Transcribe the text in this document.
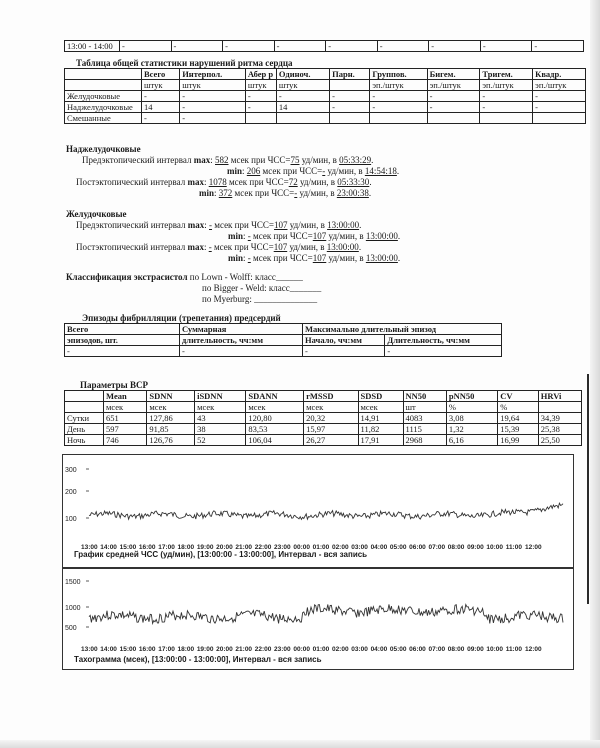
13:00 - 14:00	-	-	-	-	-	-	-	-	-
Таблица общей статистики нарушений ритма сердца
	Всего	Интерпол.	Абер р	Одиноч.	Парн.	Группов.	Бигем.	Тригем.	Квадр.
	штук	штук	штук	штук		эп./штук	эп./штук	эп./штук	эп./штук
Желудочковые	-	-	-	-	-	-	-	-	-
Наджелудочковые	14	-	-	14	-	-	-	-	-
Смешанные	-	-							
Наджелудочковые
Предэктопический интервал max: 582 мсек при ЧСС=75 уд/мин, в 05:33:29.
min: 206 мсек при ЧСС=- уд/мин, в 14:54:18.
Постэктопический интервал max: 1078 мсек при ЧСС=72 уд/мин, в 05:33:30.
min: 372 мсек при ЧСС=- уд/мин, в 23:00:38.
Желудочковые
Предэктопический интервал max: - мсек при ЧСС=107 уд/мин, в 13:00:00.
min: - мсек при ЧСС=107 уд/мин, в 13:00:00.
Постэктопический интервал max: - мсек при ЧСС=107 уд/мин, в 13:00:00.
min: - мсек при ЧСС=107 уд/мин, в 13:00:00.
Классификация экстрасистол по Lown - Wolff: класс______
по Bigger - Weld: класс_______
по Myerburg: ______________
Эпизоды фибрилляции (трепетания) предсердий
Всего	Суммарная	Максимально длительный эпизод	
эпизодов, шт.	длительность, чч:мм	Начало, чч:мм	Длительность, чч:мм
-	-	-	-
Параметры ВСР
	Mean	SDNN	iSDNN	SDANN	rMSSD	SDSD	NN50	pNN50	CV	HRVi
	мсек	мсек	мсек	мсек	мсек	мсек	шт	%	%	
Сутки	651	127,86	43	120,80	20,32	14,91	4083	3,08	19,64	34,39
День	597	91,85	38	83,53	15,97	11,82	1115	1,32	15,39	25,38
Ночь	746	126,76	52	106,04	26,27	17,91	2968	6,16	16,99	25,50
300
200
100
13:00 14:00 15:00 16:00 17:00 18:00 19:00 20:00 21:00 22:00 23:00 00:00 01:00 02:00 03:00 04:00 05:00 06:00 07:00 08:00 09:00 10:00 11:00 12:00
График средней ЧСС (уд/мин), [13:00:00 - 13:00:00], Интервал - вся запись
1500
1000
500
13:00 14:00 15:00 16:00 17:00 18:00 19:00 20:00 21:00 22:00 23:00 00:00 01:00 02:00 03:00 04:00 05:00 06:00 07:00 08:00 09:00 10:00 11:00 12:00
Тахограмма (мсек), [13:00:00 - 13:00:00], Интервал - вся запись
